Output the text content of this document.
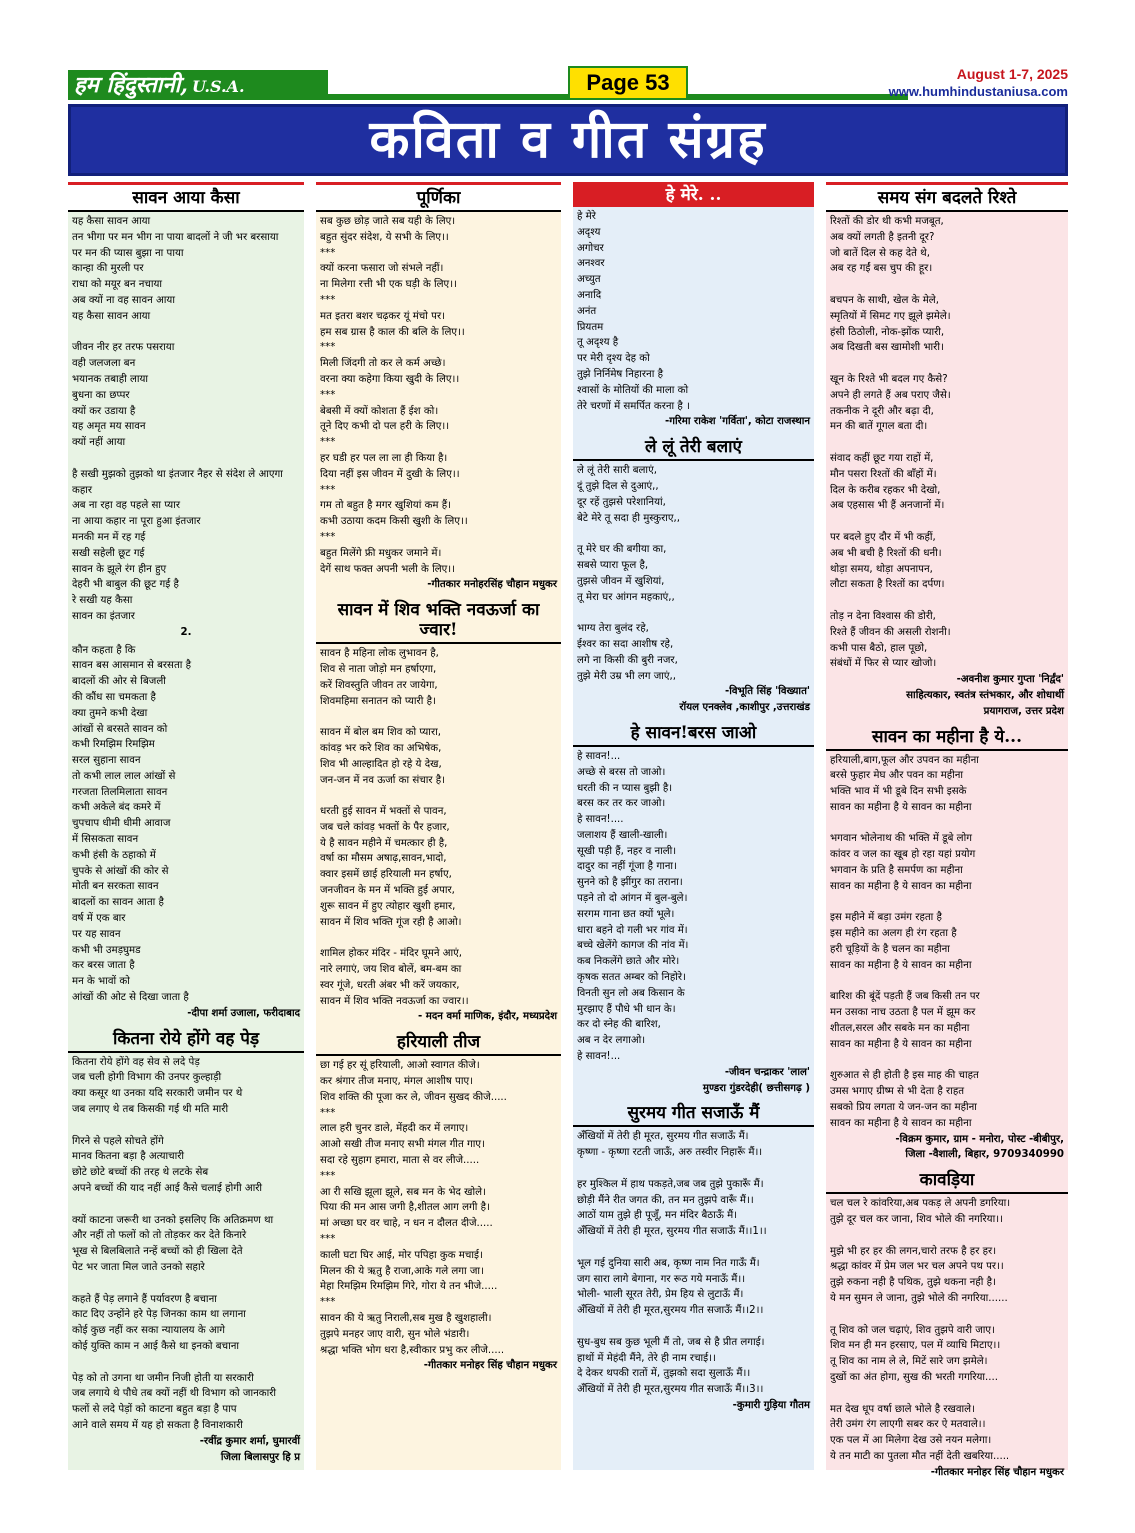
हम हिंदुस्तानी, U.S.A.	Page 53	August 1-7, 2025
www.humhindustaniusa.com
कविता व गीत संग्रह
सावन आया कैसा
यह कैसा सावन आया
तन भीगा पर मन भीग ना पाया बादलों ने जी भर बरसाया
पर मन की प्यास बुझा ना पाया
कान्हा की मुरली पर
राधा को मयूर बन नचाया
अब क्यों ना वह सावन आया
यह कैसा सावन आया

जीवन नीर हर तरफ पसराया
वही जलजला बन
भयानक तबाही लाया
बुधना का छप्पर
क्यों कर उडाया है
यह अमृत मय सावन
क्यों नहीं आया

है सखी मुझको तुझको था इंतजार नैहर से संदेश ले आएगा कहार
अब ना रहा वह पहले सा प्यार
ना आया कहार ना पूरा हुआ इंतजार
मनकी मन में रह गई
सखी सहेली छूट गई
सावन के झूले रंग हीन हुए
देहरी भी बाबुल की छूट गई है
रे सखी यह कैसा
सावन का इंतजार
2.
कौन कहता है कि
सावन बस आसमान से बरसता है
बादलों की ओर से बिजली
की कौंध सा चमकता है
क्या तुमने कभी देखा
आंखों से बरसते सावन को
कभी रिमझिम रिमझिम
सरल सुहाना सावन
तो कभी लाल लाल आंखों से
गरजता तिलमिलाता सावन
कभी अकेले बंद कमरे में
चुपचाप धीमी धीमी आवाज
में सिसकता सावन
कभी हंसी के ठहाको में
चुपके से आंखों की कोर से
मोती बन सरकता सावन
बादलों का सावन आता है
वर्ष में एक बार
पर यह सावन
कभी भी उमड़घुमड
कर बरस जाता है
मन के भावों को
आंखों की ओट से दिखा जाता है
-दीपा शर्मा उजाला, फरीदाबाद
कितना रोये होंगे वह पेड़
कितना रोये होंगे वह सेव से लदे पेड़
जब चली होगी विभाग की उनपर कुल्हाड़ी
क्या कसूर था उनका यदि सरकारी जमीन पर थे
जब लगाए थे तब किसकी गई थी मति मारी

गिरने से पहले सोचते होंगे
मानव कितना बड़ा है अत्याचारी
छोटे छोटे बच्चों की तरह थे लटके सेब
अपने बच्चों की याद नहीं आई कैसे चलाई होगी आरी

क्यों काटना जरूरी था उनको इसलिए कि अतिक्रमण था
और नहीं तो फलों को तो तोड़कर कर देते किनारे
भूख से बिलबिलाते नन्हें बच्चों को ही खिला देते
पेट भर जाता मिल जाते उनको सहारे

कहते हैं पेड़ लगाने हैं पर्यावरण है बचाना
काट दिए उन्होंने हरे पेड़ जिनका काम था लगाना
कोई कुछ नहीं कर सका न्यायालय के आगे
कोई युक्ति काम न आई कैसे था इनको बचाना

पेड़ को तो उगना था जमीन निजी होती या सरकारी
जब लगाये थे पौधे तब क्यों नहीं थी विभाग को जानकारी
फलों से लदे पेड़ों को काटना बहुत बड़ा है पाप
आने वाले समय में यह हो सकता है विनाशकारी
-रवींद्र कुमार शर्मा, घुमारवीं
जिला बिलासपुर हि प्र
पूर्णिका
सब कुछ छोड़ जाते सब यही के लिए।
बहुत सुंदर संदेश, ये सभी के लिए।।
***
क्यों करना फसारा जो संभले नहीं।
ना मिलेगा रत्ती भी एक घड़ी के लिए।।
***
मत इतरा बशर चढ़कर यूं मंचो पर।
हम सब ग्रास है काल की बलि के लिए।।
***
मिली जिंदगी तो कर ले कर्म अच्छे।
वरना क्या कहेगा किया खुदी के लिए।।
***
बेबसी में क्यों कोशता हैं ईश को।
तूने दिए कभी दो पल हरी के लिए।।
***
हर घडी हर पल ला ला ही किया है।
दिया नहीं इस जीवन में दुखी के लिए।।
***
गम तो बहुत है मगर खुशियां कम हैं।
कभी उठाया कदम किसी खुशी के लिए।।
***
बहुत मिलेंगे फ्री मधुकर जमाने में।
देगें साथ फक्त अपनी भली के लिए।।
-गीतकार मनोहरसिंह चौहान मधुकर
सावन में शिव भक्ति नवऊर्जा का ज्वार!
सावन है महिना लोक लुभावन है,
शिव से नाता जोड़ो मन हर्षाएगा,
करें शिवस्तुति जीवन तर जायेगा,
शिवमहिमा सनातन को प्यारी है।

सावन में बोल बम शिव को प्यारा,
कांवड़ भर करे शिव का अभिषेक,
शिव भी आल्हादित हो रहे ये देख,
जन-जन में नव ऊर्जा का संचार है।

धरती हुई सावन में भक्तों से पावन,
जब चले कांवड़ भक्तों के पैर हजार,
ये है सावन महीने में चमत्कार ही है,
वर्षा का मौसम अषाढ़,सावन,भादो,
क्वार इसमें छाई हरियाली मन हर्षाए,
जनजीवन के मन में भक्ति हुई अपार,
शुरू सावन में हुए त्योहार खुशी हमार,
सावन में शिव भक्ति गूंज रही है आओ।

शामिल होकर मंदिर - मंदिर घूमने आएं,
नारे लगाएं, जय शिव बोलें, बम-बम का
स्वर गूंजे, धरती अंबर भी करें जयकार,
सावन में शिव भक्ति नवऊर्जा का ज्वार।।
- मदन वर्मा माणिक, इंदौर, मध्यप्रदेश
हरियाली तीज
छा गई हर सूं हरियाली, आओ स्वागत कीजे।
कर श्रंगार तीज मनाए, मंगल आशीष पाए।
शिव शक्ति की पूजा कर ले, जीवन सुखद कीजे.....
***
लाल हरी चुनर डाले, मेंहदी कर में लगाए।
आओ सखी तीज मनाए सभी मंगल गीत गाए।
सदा रहे सुहाग हमारा, माता से वर लीजे.....
***
आ री सखि झूला झूले, सब मन के भेद खोले।
पिया की मन आस जगी है,शीतल आग लगी है।
मां अच्छा घर वर चाहे, न धन न दौलत दीजे.....
***
काली घटा घिर आई, मोर पपिहा कुक मचाई।
मिलन की ये ऋतु है राजा,आके गले लगा जा।
मेहा रिमझिम रिमझिम गिरे, गोरा ये तन भीजे.....
***
सावन की ये ऋतु निराली,सब मुख है खुशहाली।
तुझपे मनहर जाए वारी, सुन भोले भंडारी।
श्रद्धा भक्ति भोग धरा है,स्वीकार प्रभु कर लीजे.....
-गीतकार मनोहर सिंह चौहान मधुकर
हे मेरे. ..
हे मेरे
अदृश्य
अगोचर
अनश्वर
अच्युत
अनादि
अनंत
प्रियतम
तू अदृश्य है
पर मेरी दृश्य देह को
तुझे निर्निमेष निहारना है
श्वासों के मोतियों की माला को
तेरे चरणों में समर्पित करना है ।
-गरिमा राकेश 'गर्विता', कोटा राजस्थान
ले लूं तेरी बलाएं
ले लूं तेरी सारी बलाएं,
दूं तुझे दिल से दुआएं,,
दूर रहें तुझसे परेशानियां,
बेटे मेरे तू सदा ही मुस्कुराए,,

तू मेरे घर की बगीया का,
सबसे प्यारा फूल है,
तुझसे जीवन में खुशियां,
तू मेरा घर आंगन महकाएं,,

भाग्य तेरा बुलंद रहे,
ईश्वर का सदा आशीष रहे,
लगे ना किसी की बुरी नजर,
तुझे मेरी उम्र भी लग जाएं,,
-विभूति सिंह 'विख्यात'
रॉयल एनक्लेव ,काशीपुर ,उत्तराखंड
हे सावन!बरस जाओ
हे सावन!...
अच्छे से बरस तो जाओ।
धरती की न प्यास बुझी है।
बरस कर तर कर जाओ।
हे सावन!....
जलाशय हैं खाली-खाली।
सूखी पड़ी हैं, नहर व नाली।
दादुर का नहीं गूंजा है गाना।
सुनने को है झींगुर का तराना।
पड़ने तो दो आंगन में बुल-बुले।
सरगम गाना छत क्यों भूले।
धारा बहने दो गली भर गांव में।
बच्चे खेलेंगे कागज की नांव में।
कब निकलेंगे छाते और मोरे।
कृषक सतत अम्बर को निहोरे।
विनती सुन लो अब किसान के
मुरझाए हैं पौधे भी धान के।
कर दो स्नेह की बारिश,
अब न देर लगाओ।
हे सावन!...
-जीवन चन्द्राकर 'लाल'
मुण्डरा गुंडरदेही( छत्तीसगढ़ )
सुरमय गीत सजाऊँ मैं
अँखियों में तेरी ही मूरत, सुरमय गीत सजाऊँ मैं।
कृष्णा - कृष्णा रटती जाऊँ, अरु तस्वीर निहारूँ मैं।।

हर मुश्किल में हाथ पकड़ते,जब जब तुझे पुकारूँ मैं।
छोड़ी मैंने रीत जगत की, तन मन तुझपे वारूँ मैं।।
आठों याम तुझे ही पूजूँ, मन मंदिर बैठाऊँ मैं।
अँखियों में तेरी ही मूरत, सुरमय गीत सजाऊँ मैं।।1।।

भूल गई दुनिया सारी अब, कृष्ण नाम नित गाऊँ मैं।
जग सारा लागे बेगाना, गर रूठ गये मनाऊँ मैं।।
भोली- भाली सूरत तेरी, प्रेम हिय से लुटाऊँ मैं।
अँखियों में तेरी ही मूरत,सुरमय गीत सजाऊँ मैं।।2।।

सुध-बुध सब कुछ भूली मैं तो, जब से है प्रीत लगाई।
हाथों में मेहंदी मैंने, तेरे ही नाम रचाई।।
दे देकर थपकी रातों में, तुझको सदा सुलाऊँ मैं।।
अँखियों में तेरी ही मूरत,सुरमय गीत सजाऊँ मैं।।3।।
-कुमारी गुड़िया गौतम
समय संग बदलते रिश्ते
रिश्तों की डोर थी कभी मजबूत,
अब क्यों लगती है इतनी दूर?
जो बातें दिल से कह देते थे,
अब रह गईं बस चुप की हूर।

बचपन के साथी, खेल के मेले,
स्मृतियों में सिमट गए झूले झमेले।
हंसी ठिठोली, नोक-झोंक प्यारी,
अब दिखती बस खामोशी भारी।

खून के रिश्ते भी बदल गए कैसे?
अपने ही लगते हैं अब पराए जैसे।
तकनीक ने दूरी और बढ़ा दी,
मन की बातें गूगल बता दी।

संवाद कहीं छूट गया राहों में,
मौन पसरा रिश्तों की बाँहों में।
दिल के करीब रहकर भी देखो,
अब एहसास भी हैं अनजानों में।

पर बदले हुए दौर में भी कहीं,
अब भी बची है रिश्तों की धनी।
थोड़ा समय, थोड़ा अपनापन,
लौटा सकता है रिश्तों का दर्पण।

तोड़ न देना विश्वास की डोरी,
रिश्ते हैं जीवन की असली रोशनी।
कभी पास बैठो, हाल पूछो,
संबंधों में फिर से प्यार खोजो।
-अवनीश कुमार गुप्ता 'निर्द्वंद'
साहित्यकार, स्वतंत्र स्तंभकार, और शोधार्थी
प्रयागराज, उत्तर प्रदेश
सावन का महीना है ये...
हरियाली,बाग,फूल और उपवन का महीना
बरसे फुहार मेघ और पवन का महीना
भक्ति भाव में भी डूबे दिन सभी इसके
सावन का महीना है ये सावन का महीना

भगवान भोलेनाथ की भक्ति में डूबे लोग
कांवर व जल का खूब हो रहा यहां प्रयोग
भगवान के प्रति है समर्पण का महीना
सावन का महीना है ये सावन का महीना

इस महीने में बड़ा उमंग रहता है
इस महीने का अलग ही रंग रहता है
हरी चूड़ियों के है चलन का महीना
सावन का महीना है ये सावन का महीना

बारिश की बूंदें पड़ती हैं जब किसी तन पर
मन उसका नाच उठता है पल में झूम कर
शीतल,सरल और सबके मन का महीना
सावन का महीना है ये सावन का महीना

शुरुआत से ही होती है इस माह की चाहत
उमस भगाए ग्रीष्म से भी देता है राहत
सबको प्रिय लगता ये जन-जन का महीना
सावन का महीना है ये सावन का महीना
-विक्रम कुमार, ग्राम - मनोरा, पोस्ट -बीबीपुर,
जिला -वैशाली, बिहार, 9709340990
कावड़िया
चल चल रे कांवरिया,अब पकड़ ले अपनी डगरिया।
तुझे दूर चल कर जाना, शिव भोले की नगरिया।।

मुझे भी हर हर की लगन,चारो तरफ है हर हर।
श्रद्धा कांवर में प्रेम जल भर चल अपने पथ पर।।
तुझे रुकना नही है पथिक, तुझे थकना नही है।
ये मन सुमन ले जाना, तुझे भोले की नगरिया......

तू शिव को जल चढ़ाएं, शिव तुझपे वारी जाए।
शिव मन ही मन हरसाए, पल में व्याधि मिटाए।।
तू शिव का नाम ले ले, मिटें सारे जग झमेले।
दुखों का अंत होगा, सुख की भरती गगरिया....

मत देख धूप वर्षा छाले भोले है रखवाले।
तेरी उमंग रंग लाएगी सबर कर ऐ मतवाले।।
एक पल में आ मिलेगा देख उसे नयन मलेगा।
ये तन माटी का पुतला मौत नहीं देती खबरिया.....
-गीतकार मनोहर सिंह चौहान मधुकर
